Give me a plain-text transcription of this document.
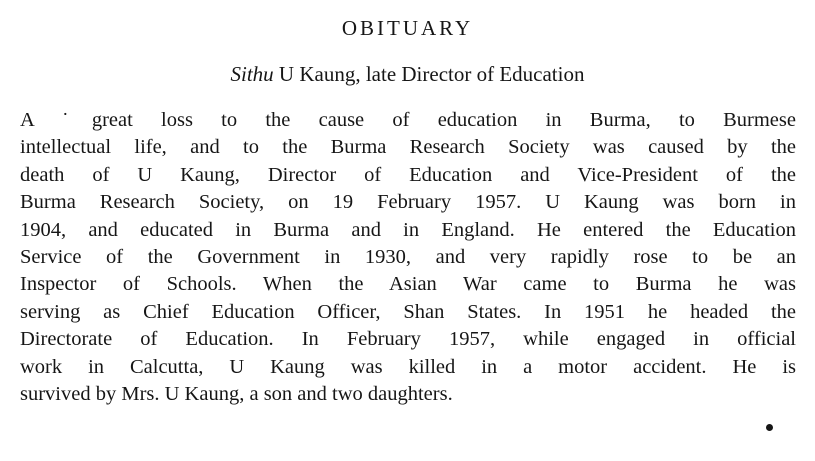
OBITUARY
Sithu U Kaung, late Director of Education
A ˙great loss to the cause of education in Burma, to Burmese
intellectual life, and to the Burma Research Society was caused by the
death of U Kaung, Director of Education and Vice-President of the
Burma Research Society, on 19 February 1957. U Kaung was born in
1904, and educated in Burma and in England. He entered the Education
Service of the Government in 1930, and very rapidly rose to be an
Inspector of Schools. When the Asian War came to Burma he was
serving as Chief Education Officer, Shan States. In 1951 he headed the
Directorate of Education. In February 1957, while engaged in official
work in Calcutta, U Kaung was killed in a motor accident. He is
survived by Mrs. U Kaung, a son and two daughters.
